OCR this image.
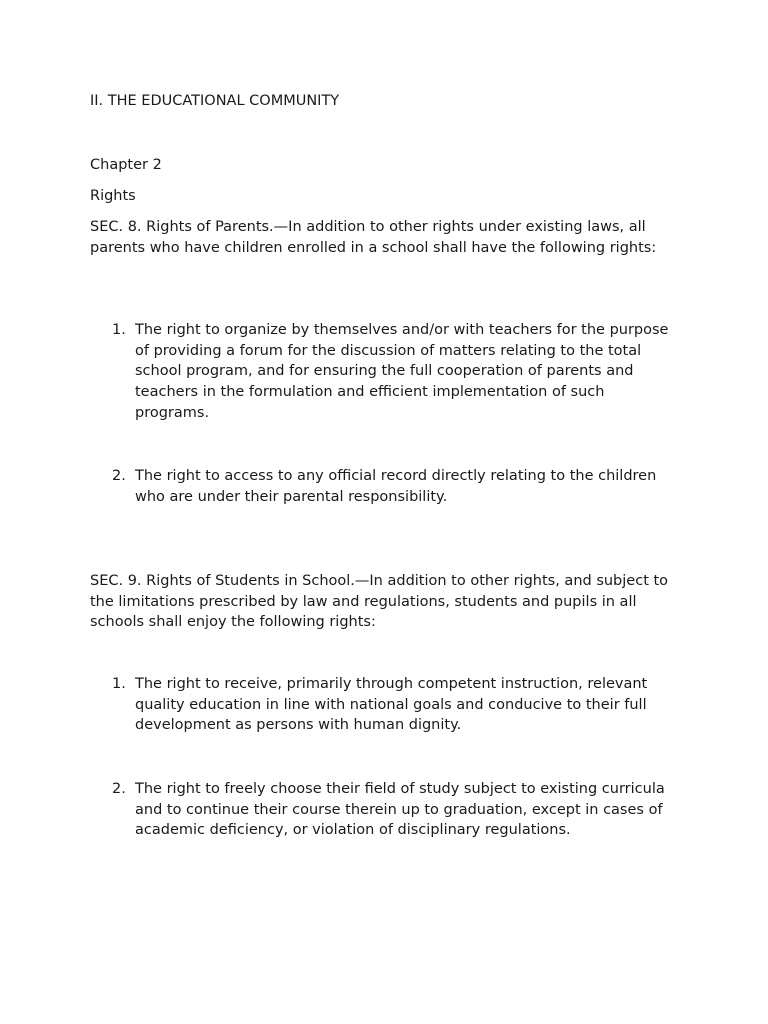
II. THE EDUCATIONAL COMMUNITY

Chapter 2

Rights

SEC. 8. Rights of Parents.—In addition to other rights under existing laws, all parents who have children enrolled in a school shall have the following rights:

1. The right to organize by themselves and/or with teachers for the purpose of providing a forum for the discussion of matters relating to the total school program, and for ensuring the full cooperation of parents and teachers in the formulation and efficient implementation of such programs.

2. The right to access to any official record directly relating to the children who are under their parental responsibility.

SEC. 9. Rights of Students in School.—In addition to other rights, and subject to the limitations prescribed by law and regulations, students and pupils in all schools shall enjoy the following rights:

1. The right to receive, primarily through competent instruction, relevant quality education in line with national goals and conducive to their full development as persons with human dignity.

2. The right to freely choose their field of study subject to existing curricula and to continue their course therein up to graduation, except in cases of academic deficiency, or violation of disciplinary regulations.
